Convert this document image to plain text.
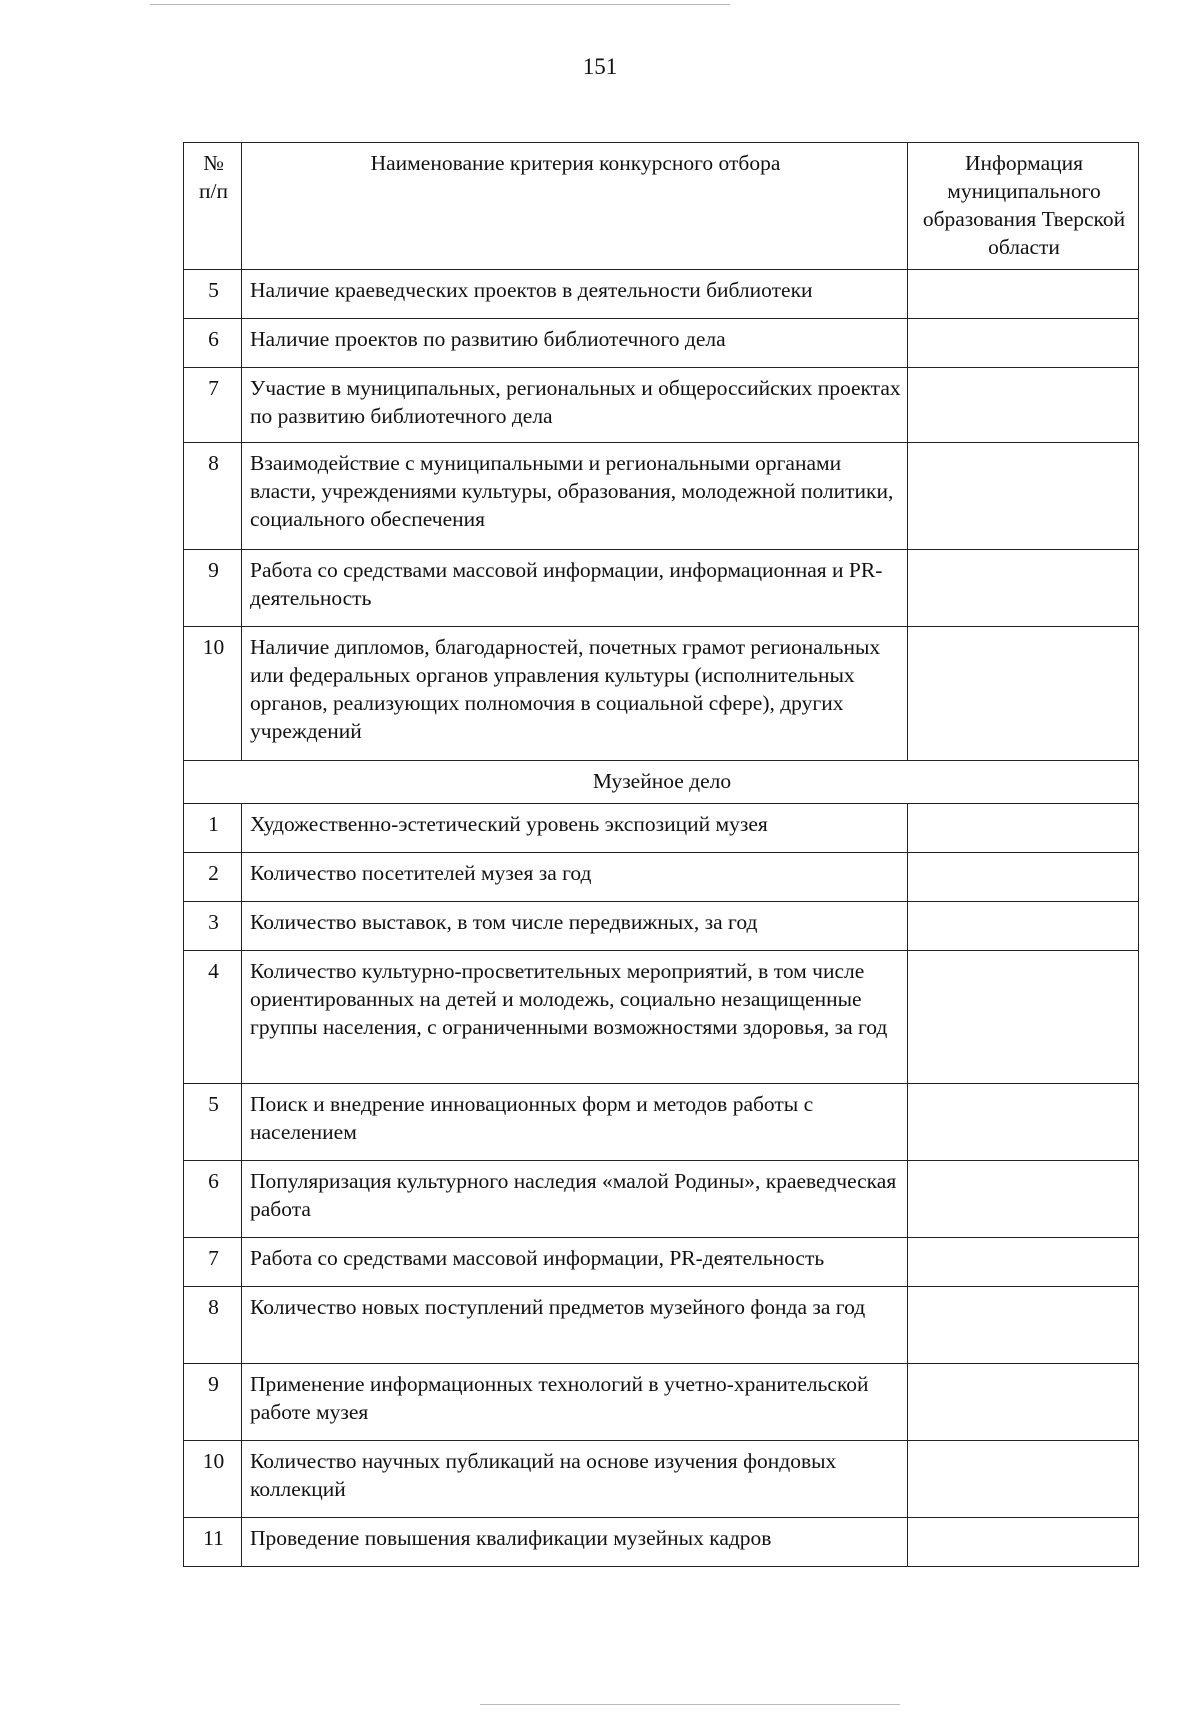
151
№
п/п	Наименование критерия конкурсного отбора	Информация муниципального образования Тверской области
5	Наличие краеведческих проектов в деятельности библиотеки	
6	Наличие проектов по развитию библиотечного дела	
7	Участие в муниципальных, региональных и общероссийских проектах по развитию библиотечного дела	
8	Взаимодействие с муниципальными и региональными органами власти, учреждениями культуры, образования, молодежной политики, социального обеспечения	
9	Работа со средствами массовой информации, информационная и PR-деятельность	
10	Наличие дипломов, благодарностей, почетных грамот региональных или федеральных органов управления культуры (исполнительных органов, реализующих полномочия в социальной сфере), других учреждений	
Музейное дело		
1	Художественно-эстетический уровень экспозиций музея	
2	Количество посетителей музея за год	
3	Количество выставок, в том числе передвижных, за год	
4	Количество культурно-просветительных мероприятий, в том числе ориентированных на детей и молодежь, социально незащищенные группы населения, с ограниченными возможностями здоровья, за год	
5	Поиск и внедрение инновационных форм и методов работы с населением	
6	Популяризация культурного наследия «малой Родины», краеведческая работа	
7	Работа со средствами массовой информации, PR-деятельность	
8	Количество новых поступлений предметов музейного фонда за год	
9	Применение информационных технологий в учетно-хранительской работе музея	
10	Количество научных публикаций на основе изучения фондовых коллекций	
11	Проведение повышения квалификации музейных кадров	
